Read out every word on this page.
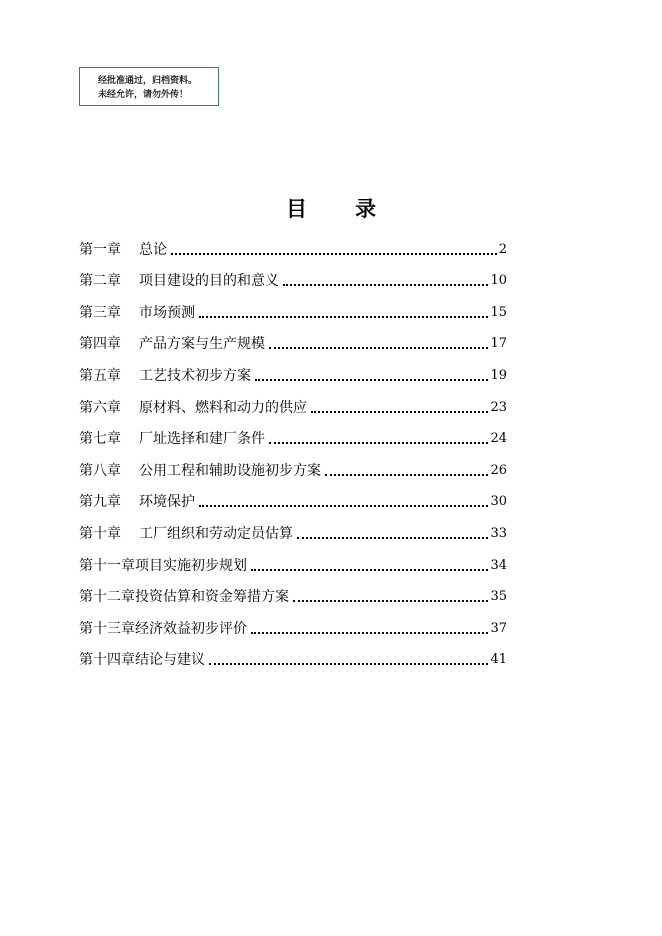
经批准通过，归档资料。
未经允许，请勿外传！
目 录
第一章	总论	2
第二章	项目建设的目的和意义	10
第三章	市场预测	15
第四章	产品方案与生产规模	17
第五章	工艺技术初步方案	19
第六章	原材料、燃料和动力的供应	23
第七章	厂址选择和建厂条件	24
第八章	公用工程和辅助设施初步方案	26
第九章	环境保护	30
第十章	工厂组织和劳动定员估算	33
第十一章 项目实施初步规划	34
第十二章 投资估算和资金筹措方案	35
第十三章 经济效益初步评价	37
第十四章 结论与建议	41
